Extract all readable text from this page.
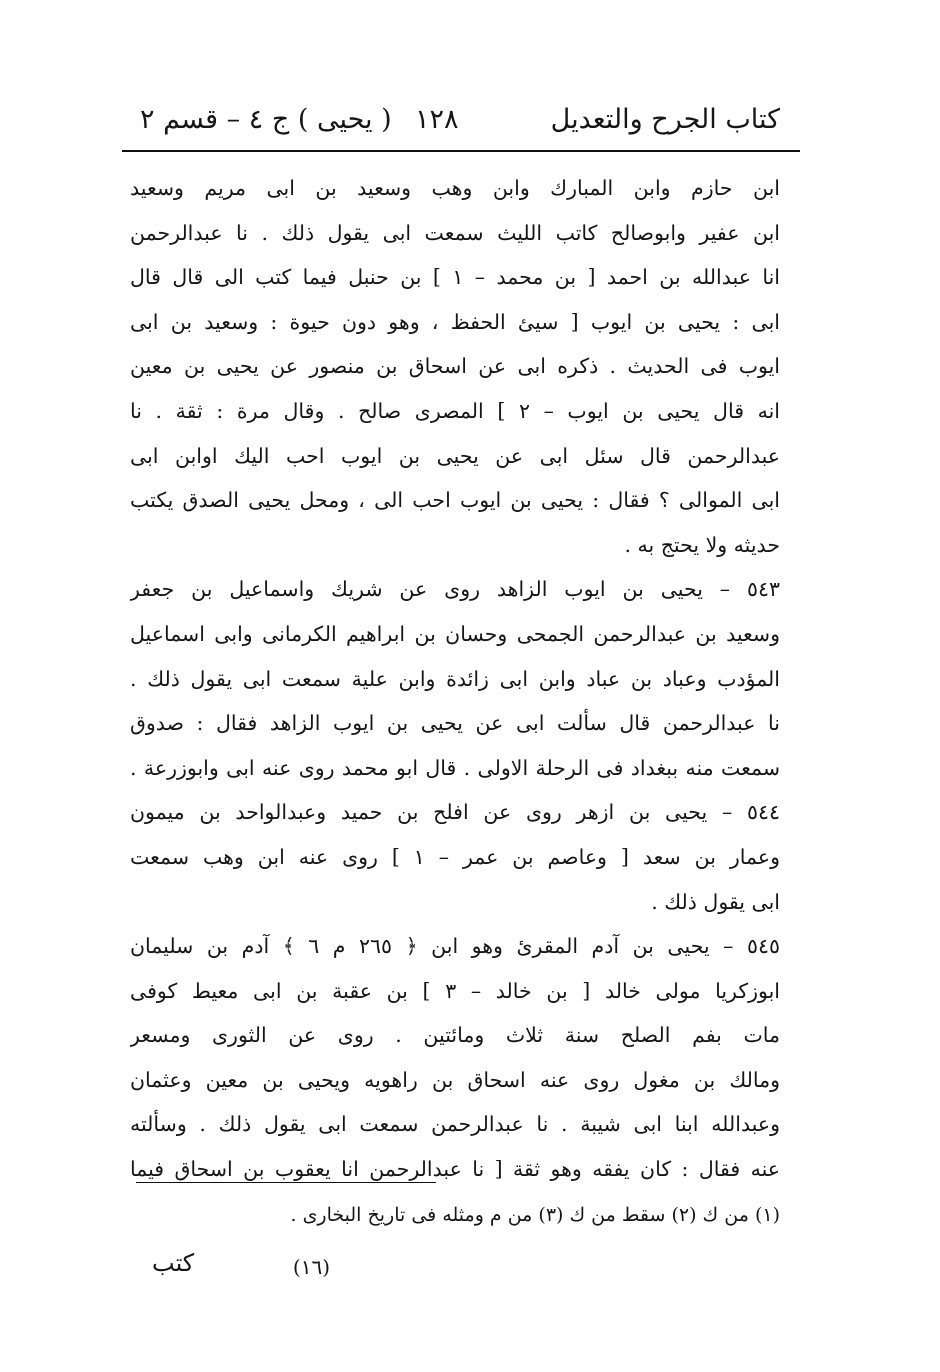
كتاب الجرح والتعديل
١٢٨
( يحيى ) ج ٤ – قسم ٢
ابن حازم وابن المبارك وابن وهب وسعيد بن ابى مريم وسعيد
ابن عفير وابوصالح كاتب الليث سمعت ابى يقول ذلك . نا عبدالرحمن
انا عبدالله بن احمد [ بن محمد – ١ ] بن حنبل فيما كتب الى قال قال
ابى : يحيى بن ايوب [ سيئ الحفظ ، وهو دون حيوة : وسعيد بن ابى
ايوب فى الحديث . ذكره ابى عن اسحاق بن منصور عن يحيى بن معين
انه قال يحيى بن ايوب – ٢ ] المصرى صالح . وقال مرة : ثقة . نا
عبدالرحمن قال سئل ابى عن يحيى بن ايوب احب اليك اوابن ابى
ابى الموالى ؟ فقال : يحيى بن ايوب احب الى ، ومحل يحيى الصدق يكتب
حديثه ولا يحتج به .
٥٤٣ – يحيى بن ايوب الزاهد روى عن شريك واسماعيل بن جعفر
وسعيد بن عبدالرحمن الجمحى وحسان بن ابراهيم الكرمانى وابى اسماعيل
المؤدب وعباد بن عباد وابن ابى زائدة وابن علية سمعت ابى يقول ذلك .
نا عبدالرحمن قال سألت ابى عن يحيى بن ايوب الزاهد فقال : صدوق
سمعت منه ببغداد فى الرحلة الاولى . قال ابو محمد روى عنه ابى وابوزرعة .
٥٤٤ – يحيى بن ازهر روى عن افلح بن حميد وعبدالواحد بن ميمون
وعمار بن سعد [ وعاصم بن عمر – ١ ] روى عنه ابن وهب سمعت
ابى يقول ذلك .
٥٤٥ – يحيى بن آدم المقرئ وهو ابن ﴿ ٢٦٥ م ٦ ﴾ آدم بن سليمان
ابوزكريا مولى خالد [ بن خالد – ٣ ] بن عقبة بن ابى معيط كوفى
مات بفم الصلح سنة ثلاث ومائتين . روى عن الثورى ومسعر
ومالك بن مغول روى عنه اسحاق بن راهويه ويحيى بن معين وعثمان
وعبدالله ابنا ابى شيبة . نا عبدالرحمن سمعت ابى يقول ذلك . وسألته
عنه فقال : كان يفقه وهو ثقة [ نا عبدالرحمن انا يعقوب بن اسحاق فيما
(١) من ك (٢) سقط من ك (٣) من م ومثله فى تاريخ البخارى .
(١٦)
كتب
